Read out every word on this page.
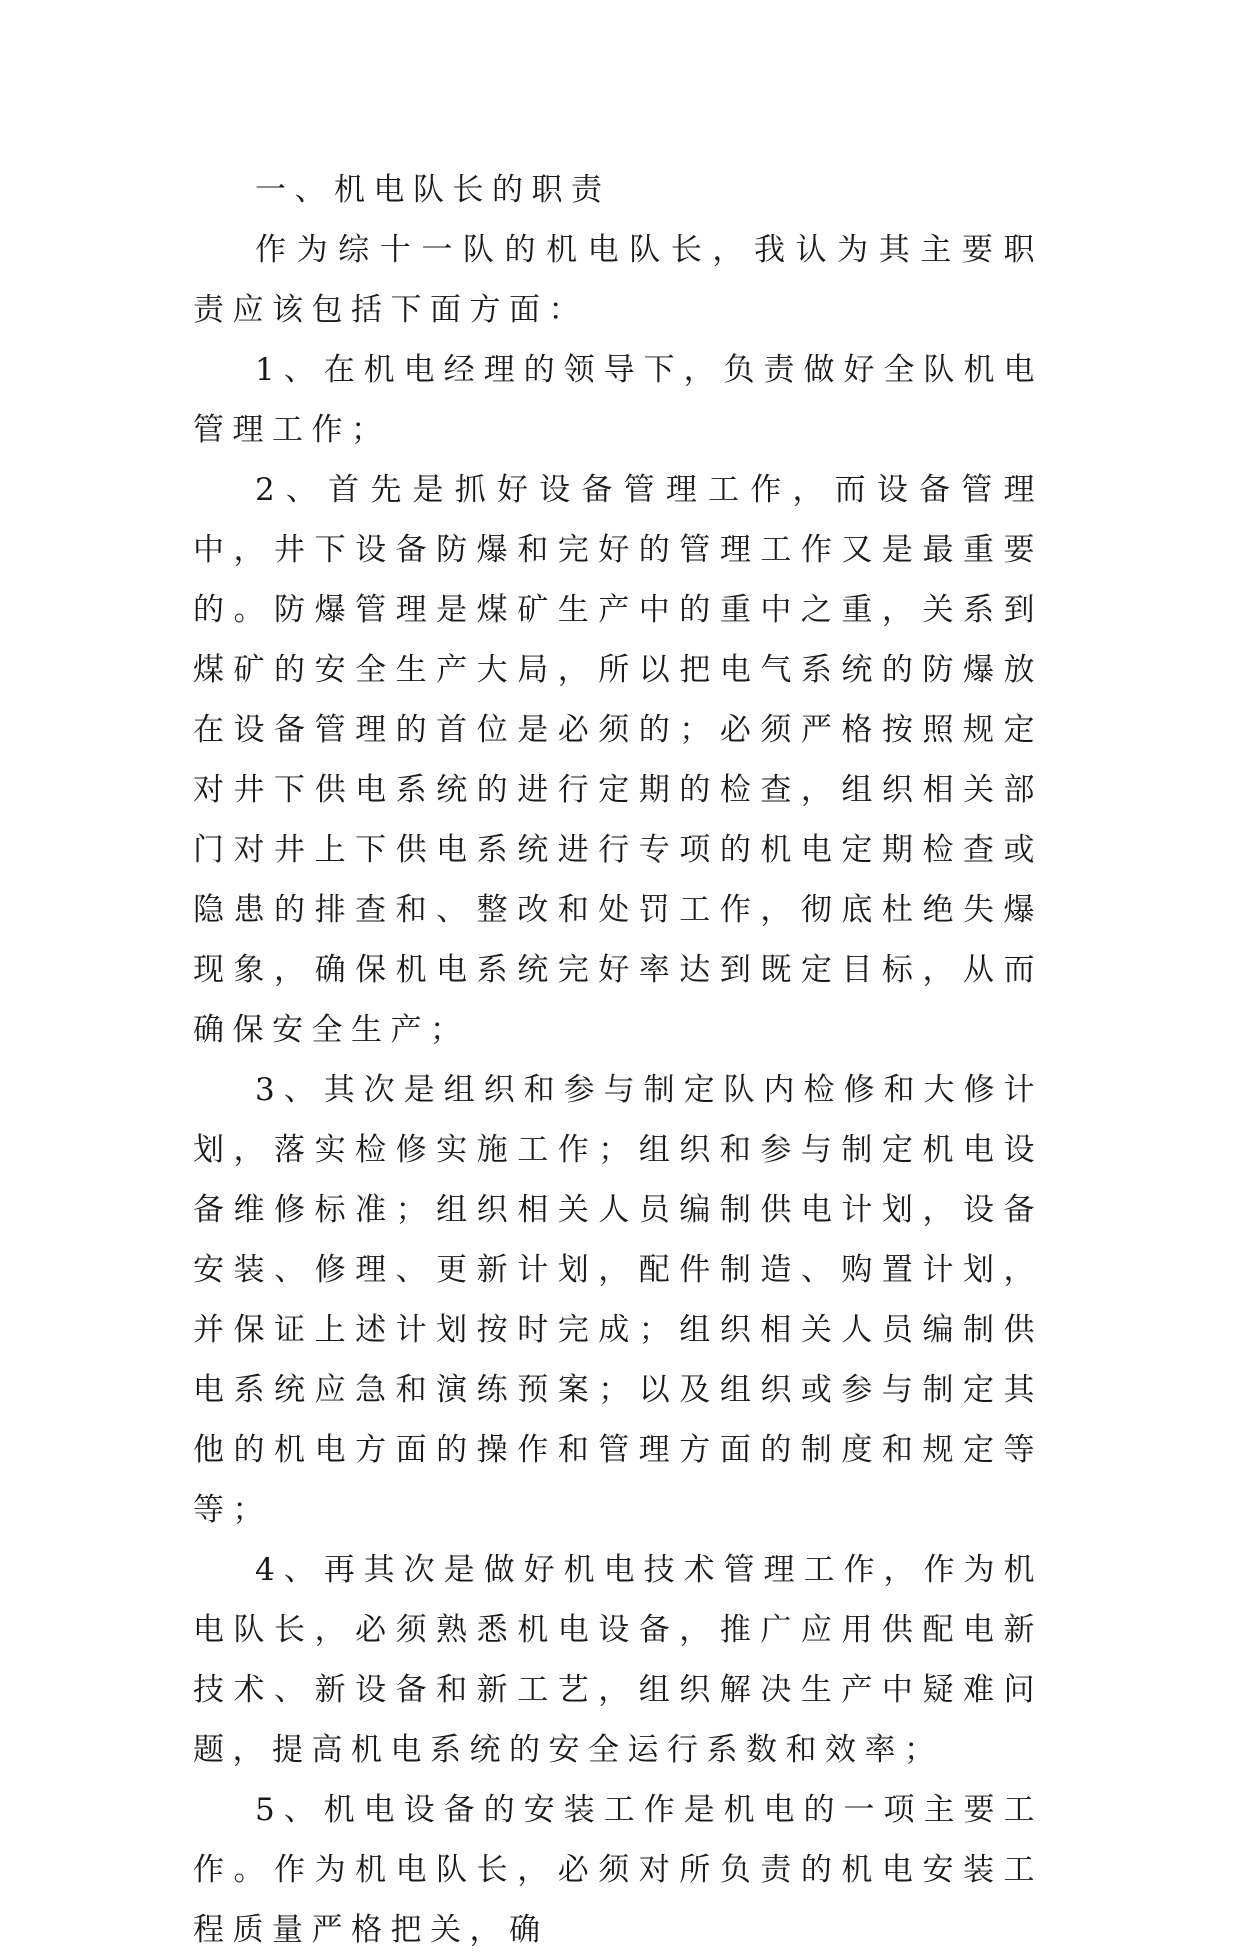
一、机电队长的职责

作为综十一队的机电队长，我认为其主要职责应该包括下面方面：

1、在机电经理的领导下，负责做好全队机电管理工作；

2、首先是抓好设备管理工作，而设备管理中，井下设备防爆和完好的管理工作又是最重要的。防爆管理是煤矿生产中的重中之重，关系到煤矿的安全生产大局，所以把电气系统的防爆放在设备管理的首位是必须的；必须严格按照规定对井下供电系统的进行定期的检查，组织相关部门对井上下供电系统进行专项的机电定期检查或隐患的排查和、整改和处罚工作，彻底杜绝失爆现象，确保机电系统完好率达到既定目标，从而确保安全生产；

3、其次是组织和参与制定队内检修和大修计划，落实检修实施工作；组织和参与制定机电设备维修标准；组织相关人员编制供电计划，设备安装、修理、更新计划，配件制造、购置计划，并保证上述计划按时完成；组织相关人员编制供电系统应急和演练预案；以及组织或参与制定其他的机电方面的操作和管理方面的制度和规定等等；

4、再其次是做好机电技术管理工作，作为机电队长，必须熟悉机电设备，推广应用供配电新技术、新设备和新工艺，组织解决生产中疑难问题，提高机电系统的安全运行系数和效率；

5、机电设备的安装工作是机电的一项主要工作。作为机电队长，必须对所负责的机电安装工程质量严格把关，确
